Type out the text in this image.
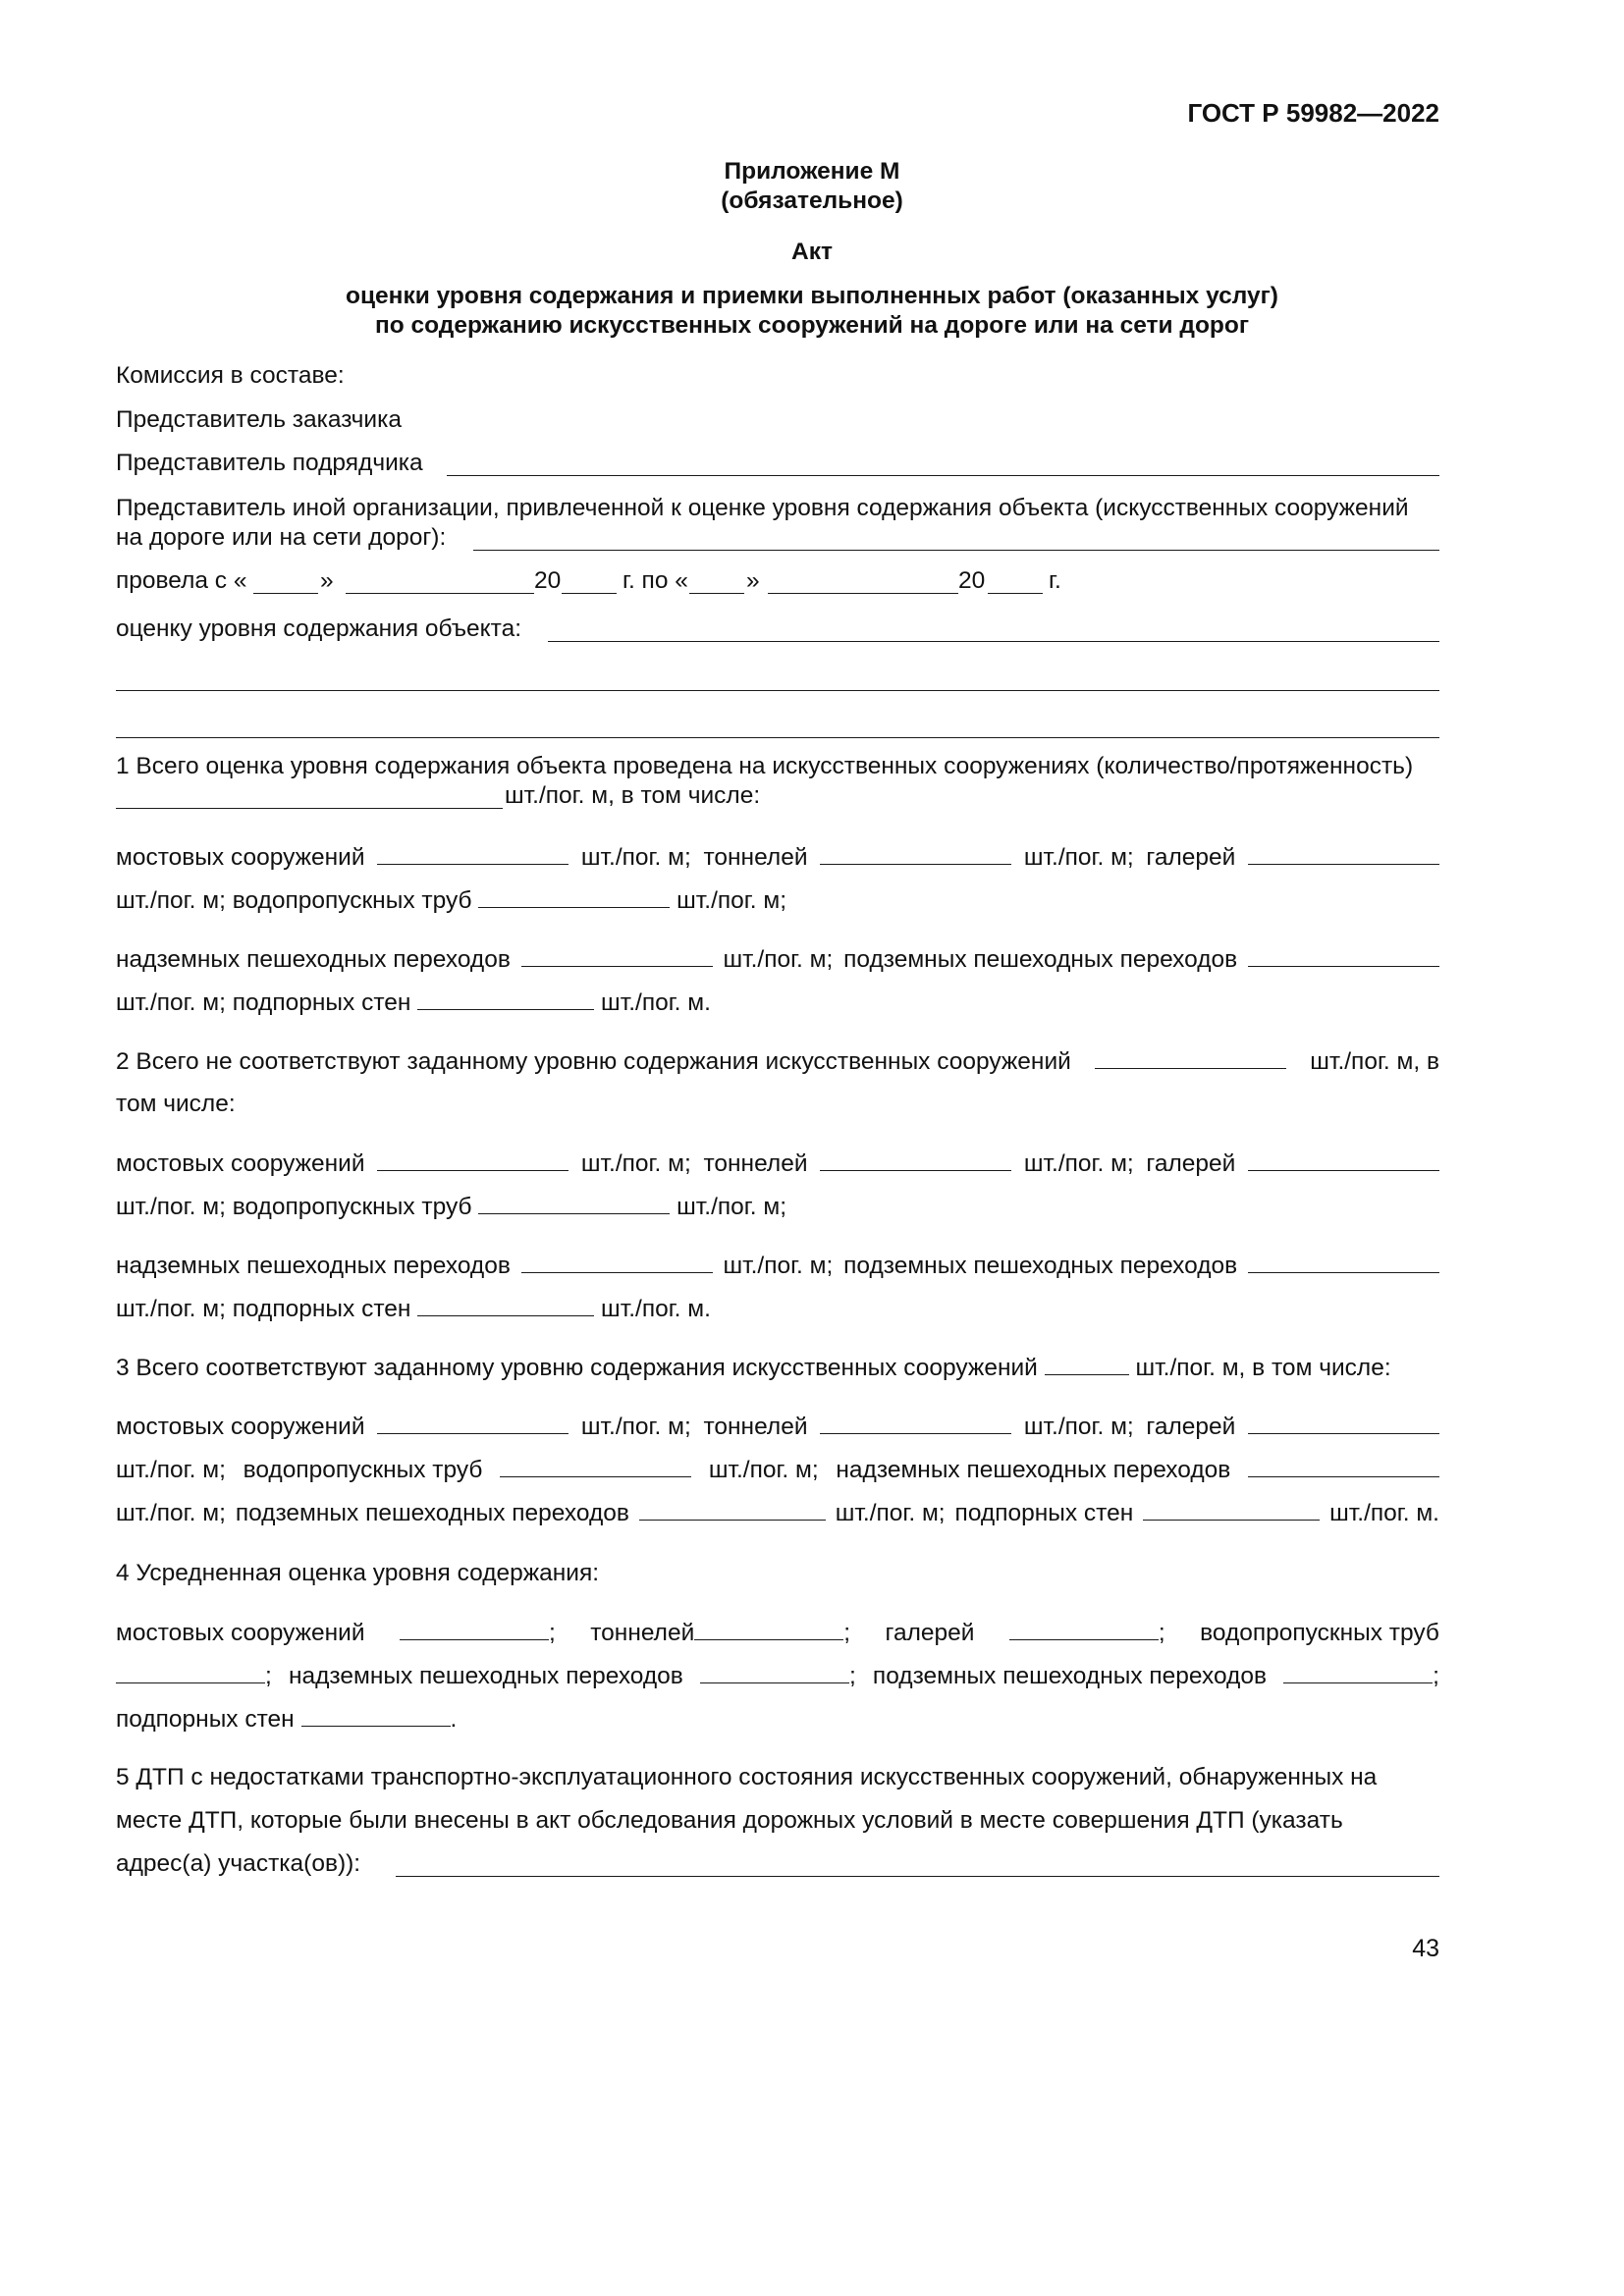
ГОСТ Р 59982—2022
Приложение М
(обязательное)
Акт
оценки уровня содержания и приемки выполненных работ (оказанных услуг)
по содержанию искусственных сооружений на дороге или на сети дорог
Комиссия в составе:
Представитель заказчика
Представитель подрядчика
Представитель иной организации, привлеченной к оценке уровня содержания объекта (искусственных сооружений
на дороге или на сети дорог):
провела с «	»	20	г. по « »	20	г.
оценку уровня содержания объекта:
1 Всего оценка уровня содержания объекта проведена на искусственных сооружениях (количество/протяженность)
шт./пог. м, в том числе:
мостовых сооружений	шт./пог. м; тоннелей	шт./пог. м; галерей
шт./пог. м; водопропускных труб	шт./пог. м;
надземных пешеходных переходов	шт./пог. м; подземных пешеходных переходов
шт./пог. м; подпорных стен	шт./пог. м.
2 Всего не соответствуют заданному уровню содержания искусственных сооружений	шт./пог. м, в
том числе:
мостовых сооружений	шт./пог. м; тоннелей	шт./пог. м; галерей
шт./пог. м; водопропускных труб	шт./пог. м;
надземных пешеходных переходов	шт./пог. м; подземных пешеходных переходов
шт./пог. м; подпорных стен	шт./пог. м.
3 Всего соответствуют заданному уровню содержания искусственных сооружений	шт./пог. м, в том числе:
мостовых сооружений	шт./пог. м; тоннелей	шт./пог. м; галерей
шт./пог. м; водопропускных труб	шт./пог. м; надземных пешеходных переходов
шт./пог. м; подземных пешеходных переходов	шт./пог. м; подпорных стен	шт./пог. м.
4 Усредненная оценка уровня содержания:
мостовых сооружений	; тоннелей	; галерей	; водопропускных труб
; надземных пешеходных переходов	; подземных пешеходных переходов	;
подпорных стен	.
5 ДТП с недостатками транспортно-эксплуатационного состояния искусственных сооружений, обнаруженных на
месте ДТП, которые были внесены в акт обследования дорожных условий в месте совершения ДТП (указать
адрес(а) участка(ов)):
43
